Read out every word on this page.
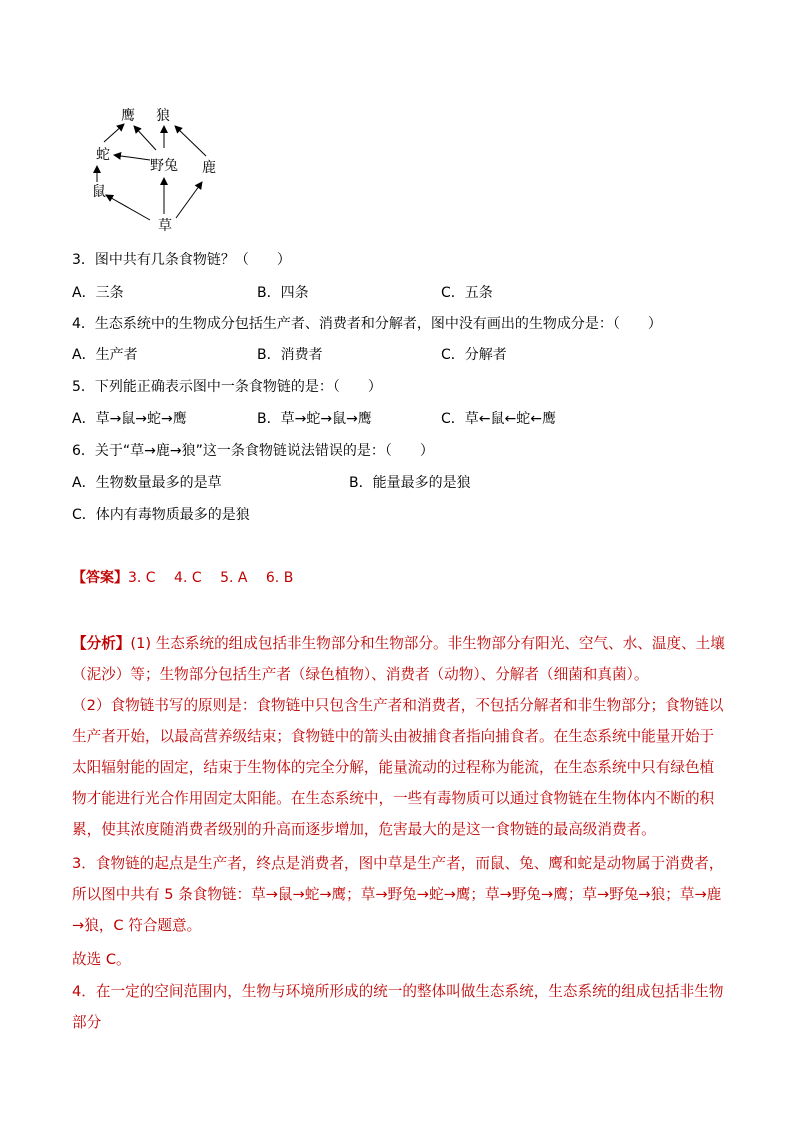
鹰 狼
蛇
野兔 鹿
鼠
草
3．图中共有几条食物链？（　　）
A．三条	B．四条	C．五条
4．生态系统中的生物成分包括生产者、消费者和分解者，图中没有画出的生物成分是：（　　）
A．生产者	B．消费者	C．分解者
5．下列能正确表示图中一条食物链的是：（　　）
A．草→鼠→蛇→鹰	B．草→蛇→鼠→鹰	C．草←鼠←蛇←鹰
6．关于“草→鹿→狼”这一条食物链说法错误的是：（　　）
A．生物数量最多的是草	B．能量最多的是狼
C．体内有毒物质最多的是狼
【答案】3. C　 4. C　 5. A　 6. B
【分析】(1) 生态系统的组成包括非生物部分和生物部分。非生物部分有阳光、空气、水、温度、土壤（泥沙）等；生物部分包括生产者（绿色植物）、消费者（动物）、分解者（细菌和真菌）。
（2）食物链书写的原则是：食物链中只包含生产者和消费者，不包括分解者和非生物部分；食物链以生产者开始，以最高营养级结束；食物链中的箭头由被捕食者指向捕食者。在生态系统中能量开始于太阳辐射能的固定，结束于生物体的完全分解，能量流动的过程称为能流，在生态系统中只有绿色植物才能进行光合作用固定太阳能。在生态系统中，一些有毒物质可以通过食物链在生物体内不断的积累，使其浓度随消费者级别的升高而逐步增加，危害最大的是这一食物链的最高级消费者。
3．食物链的起点是生产者，终点是消费者，图中草是生产者，而鼠、兔、鹰和蛇是动物属于消费者，所以图中共有 5 条食物链：草→鼠→蛇→鹰；草→野兔→蛇→鹰；草→野兔→鹰；草→野兔→狼；草→鹿→狼，C 符合题意。
故选 C。
4．在一定的空间范围内，生物与环境所形成的统一的整体叫做生态系统，生态系统的组成包括非生物部分
